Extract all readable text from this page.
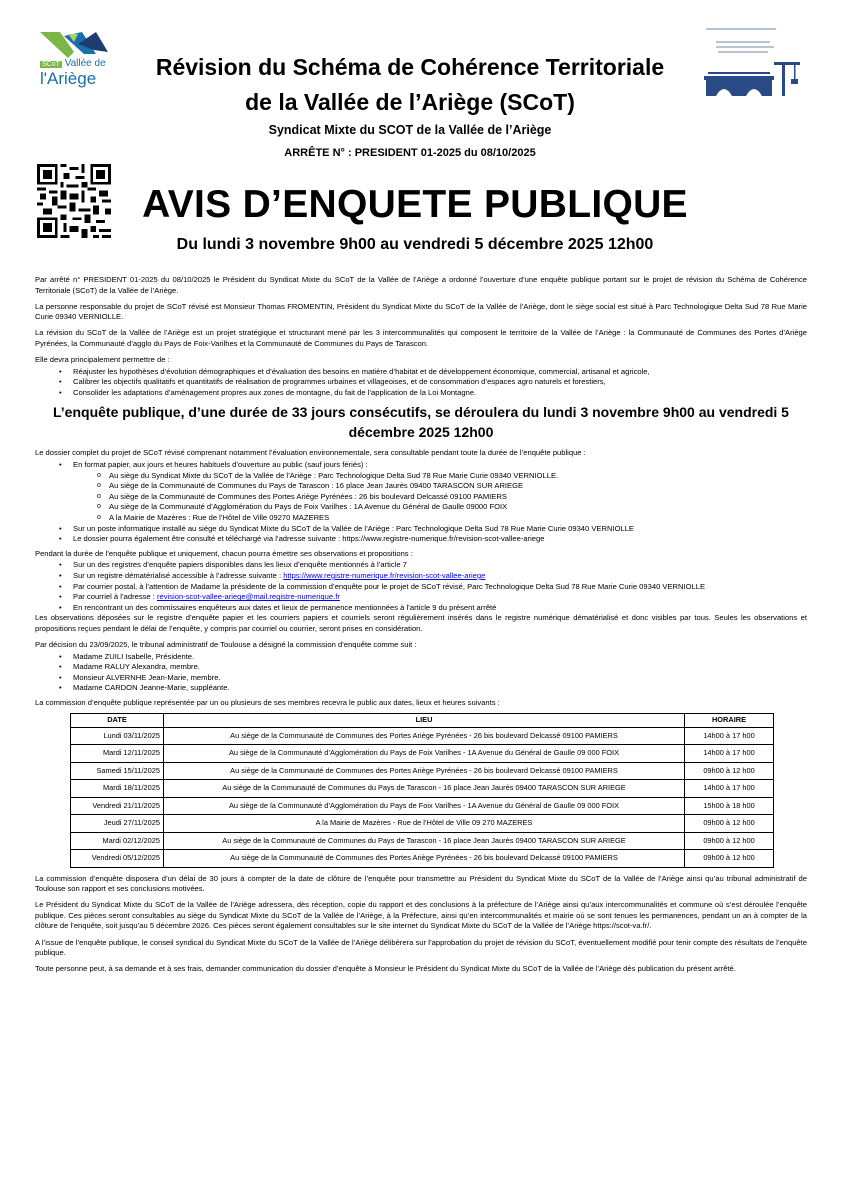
SCoT Vallée de
l'Ariège	Révision du Schéma de Cohérence Territoriale
de la Vallée de l’Ariège (SCoT)
Syndicat Mixte du SCOT de la Vallée de l’Ariège
ARRÊTE N° : PRESIDENT 01-2025 du 08/10/2025
AVIS D’ENQUETE PUBLIQUE
Du lundi 3 novembre 9h00 au vendredi 5 décembre 2025 12h00

Par arrêté n° PRESIDENT 01-2025 du 08/10/2025 le Président du Syndicat Mixte du SCoT de la Vallée de l’Ariège a ordonné l’ouverture d’une enquête publique portant sur le projet de révision du Schéma de Cohérence Territoriale (SCoT) de la Vallée de l’Ariège.

La personne responsable du projet de SCoT révisé est Monsieur Thomas FROMENTIN, Président du Syndicat Mixte du SCoT de la Vallée de l’Ariège, dont le siège social est situé à Parc Technologique Delta Sud 78 Rue Marie Curie 09340 VERNIOLLE.

La révision du SCoT de la Vallée de l’Ariège est un projet stratégique et structurant mené par les 3 intercommunalités qui composent le territoire de la Vallée de l’Ariège : la Communauté de Communes des Portes d’Ariège Pyrénées, la Communauté d’agglo du Pays de Foix-Varilhes et la Communauté de Communes du Pays de Tarascon.

Elle devra principalement permettre de :

• Réajuster les hypothèses d’évolution démographiques et d’évaluation des besoins en matière d’habitat et de développement économique, commercial, artisanal et agricole,
• Calibrer les objectifs qualitatifs et quantitatifs de réalisation de programmes urbaines et villageoises, et de consommation d’espaces agro naturels et forestiers,
• Consolider les adaptations d’aménagement propres aux zones de montagne, du fait de l’application de la Loi Montagne.
L’enquête publique, d’une durée de 33 jours consécutifs, se déroulera du lundi 3 novembre 9h00 au vendredi 5 décembre 2025 12h00

Le dossier complet du projet de SCoT révisé comprenant notamment l’évaluation environnementale, sera consultable pendant toute la durée de l’enquête publique :

• En format papier, aux jours et heures habituels d’ouverture au public (sauf jours fériés) :
o Au siège du Syndicat Mixte du SCoT de la Vallée de l’Ariège : Parc Technologique Delta Sud 78 Rue Marie Curie 09340 VERNIOLLE.
o Au siège de la Communauté de Communes du Pays de Tarascon : 16 place Jean Jaurès 09400 TARASCON SUR ARIEGE
o Au siège de la Communauté de Communes des Portes Ariège Pyrénées : 26 bis boulevard Delcassé 09100 PAMIERS
o Au siège de la Communauté d’Agglomération du Pays de Foix Varilhes : 1A Avenue du Général de Gaulle 09000 FOIX
o A la Mairie de Mazères : Rue de l’Hôtel de Ville 09270 MAZERES
• Sur un poste informatique installé au siège du Syndicat Mixte du SCoT de la Vallée de l’Ariège : Parc Technologique Delta Sud 78 Rue Marie Curie 09340 VERNIOLLE
• Le dossier pourra également être consulté et téléchargé via l’adresse suivante : https://www.registre-numerique.fr/revision-scot-vallee-ariege

Pendant la durée de l’enquête publique et uniquement, chacun pourra émettre ses observations et propositions :

• Sur un des registres d’enquête papiers disponibles dans les lieux d’enquête mentionnés à l’article 7
• Sur un registre dématérialisé accessible à l’adresse suivante : https://www.registre-numerique.fr/revision-scot-vallee-ariege
• Par courrier postal, à l’attention de Madame la présidente de la commission d’enquête pour le projet de SCoT révisé, Parc Technologique Delta Sud 78 Rue Marie Curie 09340 VERNIOLLE
• Par courriel à l’adresse : revision-scot-vallee-ariege@mail.registre-numerique.fr
• En rencontrant un des commissaires enquêteurs aux dates et lieux de permanence mentionnées à l’article 9 du présent arrêté

Les observations déposées sur le registre d’enquête papier et les courriers papiers et courriels seront régulièrement insérés dans le registre numérique dématérialisé et donc visibles par tous. Seules les observations et propositions reçues pendant le délai de l’enquête, y compris par courriel ou courrier, seront prises en considération.

Par décision du 23/09/2025, le tribunal administratif de Toulouse a désigné la commission d’enquête comme suit :

• Madame ZUILI Isabelle, Présidente.
• Madame RALUY Alexandra, membre.
• Monsieur ALVERNHE Jean-Marie, membre.
• Madame CARDON Jeanne-Marie, suppléante.

La commission d’enquête publique représentée par un ou plusieurs de ses membres recevra le public aux dates, lieux et heures suivants :

DATE	LIEU	HORAIRE
Lundi 03/11/2025	Au siège de la Communauté de Communes des Portes Ariège Pyrénées - 26 bis boulevard Delcassé 09100 PAMIERS	14h00 à 17 h00
Mardi 12/11/2025	Au siège de la Communauté d’Agglomération du Pays de Foix Varilhes - 1A Avenue du Général de Gaulle 09 000 FOIX	14h00 à 17 h00
Samedi 15/11/2025	Au siège de la Communauté de Communes des Portes Ariège Pyrénées - 26 bis boulevard Delcassé 09100 PAMIERS	09h00 à 12 h00
Mardi 18/11/2025	Au siège de la Communauté de Communes du Pays de Tarascon - 16 place Jean Jaurès 09400 TARASCON SUR ARIEGE	14h00 à 17 h00
Vendredi 21/11/2025	Au siège de la Communauté d’Agglomération du Pays de Foix Varilhes - 1A Avenue du Général de Gaulle 09 000 FOIX	15h00 à 18 h00
Jeudi 27/11/2025	A la Mairie de Mazères - Rue de l’Hôtel de Ville 09 270 MAZERES	09h00 à 12 h00
Mardi 02/12/2025	Au siège de la Communauté de Communes du Pays de Tarascon - 16 place Jean Jaurès 09400 TARASCON SUR ARIEGE	09h00 à 12 h00
Vendredi 05/12/2025	Au siège de la Communauté de Communes des Portes Ariège Pyrénées - 26 bis boulevard Delcassé 09100 PAMIERS	09h00 à 12 h00

La commission d’enquête disposera d’un délai de 30 jours à compter de la date de clôture de l’enquête pour transmettre au Président du Syndicat Mixte du SCoT de la Vallée de l’Ariège ainsi qu’au tribunal administratif de Toulouse son rapport et ses conclusions motivées.

Le Président du Syndicat Mixte du SCoT de la Vallée de l’Ariège adressera, dès réception, copie du rapport et des conclusions à la préfecture de l’Ariège ainsi qu’aux intercommunalités et commune où s’est déroulée l’enquête publique. Ces pièces seront consultables au siège du Syndicat Mixte du SCoT de la Vallée de l’Ariège, à la Préfecture, ainsi qu’en intercommunalités et mairie où se sont tenues les permanences, pendant un an à compter de la clôture de l’enquête, soit jusqu’au 5 décembre 2026. Ces pièces seront également consultables sur le site internet du Syndicat Mixte du SCoT de la Vallée de l’Ariège https://scot-va.fr/.

A l’issue de l’enquête publique, le conseil syndical du Syndicat Mixte du SCoT de la Vallée de l’Ariège délibèrera sur l’approbation du projet de révision du SCoT, éventuellement modifié pour tenir compte des résultats de l’enquête publique.

Toute personne peut, à sa demande et à ses frais, demander communication du dossier d’enquête à Monsieur le Président du Syndicat Mixte du SCoT de la Vallée de l’Ariège dès publication du présent arrêté.
